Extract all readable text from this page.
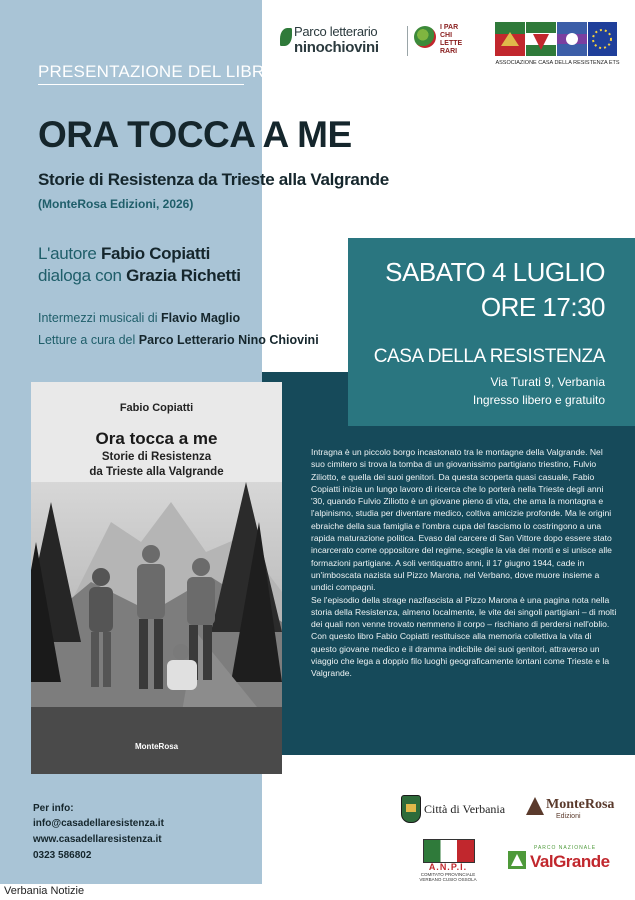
Parco letterario
ninochiovini
I PAR CHI LETTE RARI
ASSOCIAZIONE CASA DELLA RESISTENZA ETS
PRESENTAZIONE DEL LIBRO
ORA TOCCA A ME
Storie di Resistenza da Trieste alla Valgrande
(MonteRosa Edizioni, 2026)
L'autore Fabio Copiatti
dialoga con Grazia Richetti
Intermezzi musicali di Flavio Maglio
Letture a cura del Parco Letterario Nino Chiovini
SABATO 4 LUGLIO
ORE 17:30
CASA DELLA RESISTENZA
Via Turati 9, Verbania
Ingresso libero e gratuito
Fabio Copiatti
Ora tocca a me
Storie di Resistenza
da Trieste alla Valgrande
MonteRosa

Intragna è un piccolo borgo incastonato tra le montagne della Valgrande. Nel suo cimitero si trova la tomba di un giovanissimo partigiano triestino, Fulvio Ziliotto, e quella dei suoi genitori. Da questa scoperta quasi casuale, Fabio Copiatti inizia un lungo lavoro di ricerca che lo porterà nella Trieste degli anni '30, quando Fulvio Ziliotto è un giovane pieno di vita, che ama la montagna e l'alpinismo, studia per diventare medico, coltiva amicizie profonde. Ma le origini ebraiche della sua famiglia e l'ombra cupa del fascismo lo costringono a una rapida maturazione politica. Evaso dal carcere di San Vittore dopo essere stato incarcerato come oppositore del regime, sceglie la via dei monti e si unisce alle formazioni partigiane. A soli ventiquattro anni, il 17 giugno 1944, cade in un'imboscata nazista sul Pizzo Marona, nel Verbano, dove muore insieme a undici compagni.

Se l'episodio della strage nazifascista al Pizzo Marona è una pagina nota nella storia della Resistenza, almeno localmente, le vite dei singoli partigiani – di molti dei quali non venne trovato nemmeno il corpo – rischiano di perdersi nell'oblio.

Con questo libro Fabio Copiatti restituisce alla memoria collettiva la vita di questo giovane medico e il dramma indicibile dei suoi genitori, attraverso un viaggio che lega a doppio filo luoghi geograficamente lontani come Trieste e la Valgrande.

Per info:
info@casadellaresistenza.it
www.casadellaresistenza.it
0323 586802
Città di Verbania	MonteRosa
Edizioni
A.N.P.I.
COMITATO PROVINCIALE VERBANO CUSIO OSSOLA
PARCO NAZIONALE
ValGrande
Verbania Notizie
